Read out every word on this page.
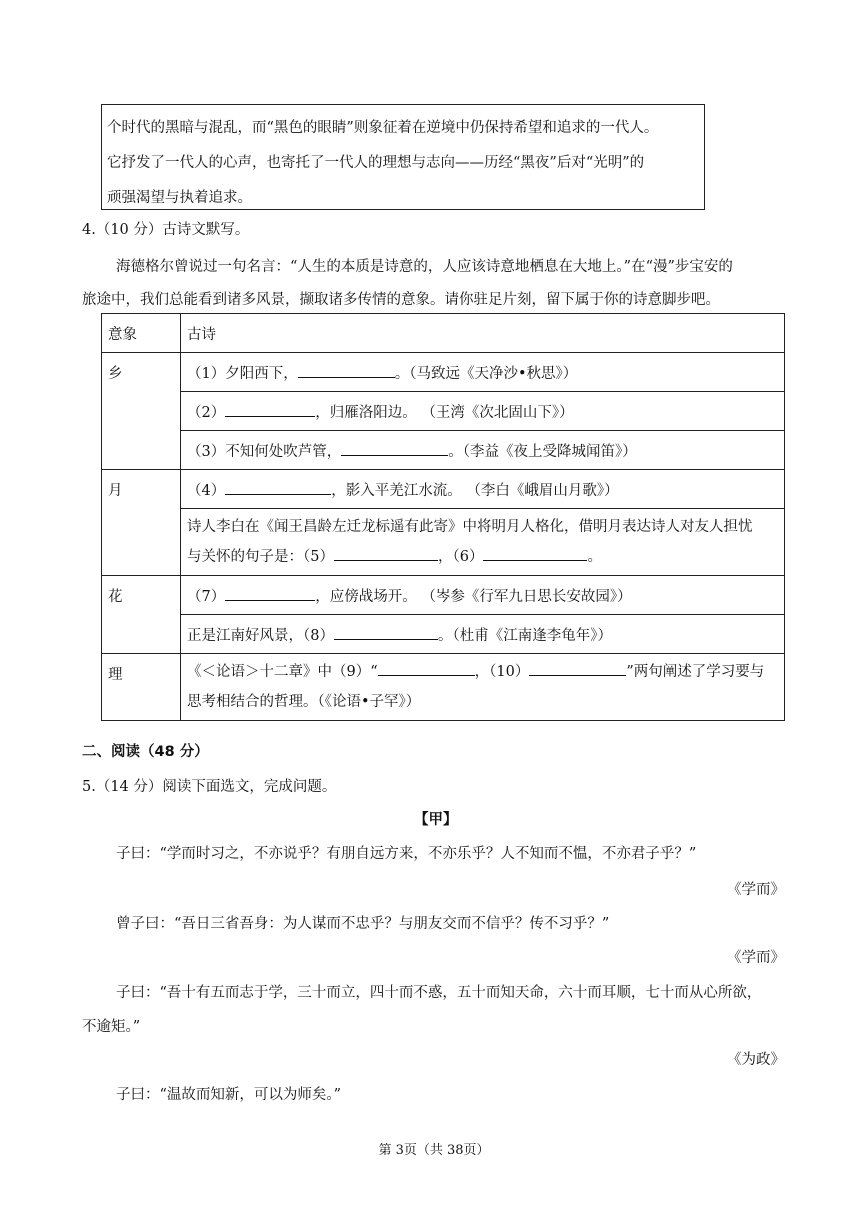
个时代的黑暗与混乱，而“黑色的眼睛”则象征着在逆境中仍保持希望和追求的一代人。
它抒发了一代人的心声，也寄托了一代人的理想与志向——历经“黑夜”后对“光明”的
顽强渴望与执着追求。
4.（10 分）古诗文默写。
海德格尔曾说过一句名言：“人生的本质是诗意的，人应该诗意地栖息在大地上。”在“漫”步宝安的
旅途中，我们总能看到诸多风景，撷取诸多传情的意象。请你驻足片刻，留下属于你的诗意脚步吧。
意象	古诗
乡	（1）夕阳西下， 。（马致远《天净沙•秋思》）
	（2） ，归雁洛阳边。 （王湾《次北固山下》）
	（3）不知何处吹芦管， 。（李益《夜上受降城闻笛》）
月	（4） ，影入平羌江水流。 （李白《峨眉山月歌》）

	诗人李白在《闻王昌龄左迁龙标遥有此寄》中将明月人格化，借明月表达诗人对友人担忧
与关怀的句子是：（5） ，（6） 。

花	（7） ，应傍战场开。 （岑参《行军九日思长安故园》）
	正是江南好风景，（8） 。（杜甫《江南逢李龟年》）
理	《＜论语＞十二章》中（9）“ ，（10） ”两句阐述了学习要与
思考相结合的哲理。（《论语•子罕》）
二、阅读（48 分）
5.（14 分）阅读下面选文，完成问题。
【甲】
子曰：“学而时习之，不亦说乎？有朋自远方来，不亦乐乎？人不知而不愠，不亦君子乎？”
《学而》
曾子曰：“吾日三省吾身：为人谋而不忠乎？与朋友交而不信乎？传不习乎？”
《学而》
子曰：“吾十有五而志于学，三十而立，四十而不惑，五十而知天命，六十而耳顺，七十而从心所欲，
不逾矩。”
《为政》
子曰：“温故而知新，可以为师矣。”
第 3页（共 38页）
